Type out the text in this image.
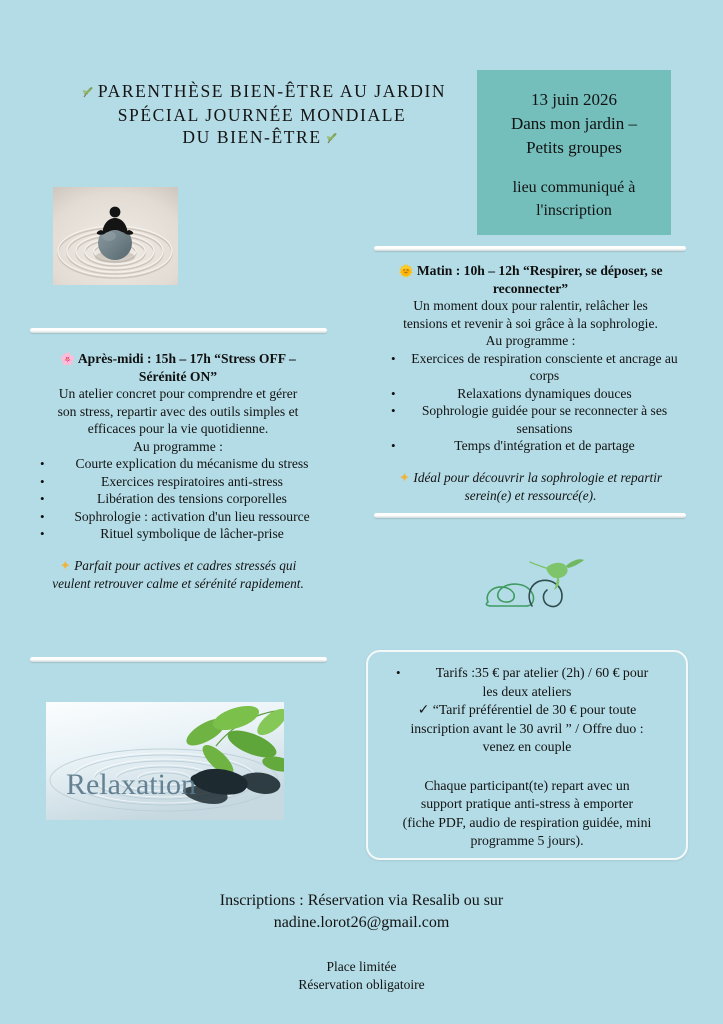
PARENTHÈSE BIEN-ÊTRE AU JARDIN
SPÉCIAL JOURNÉE MONDIALE
DU BIEN-ÊTRE
13 juin 2026
Dans mon jardin –
Petits groupes
lieu communiqué à
l'inscription
🌞 Matin : 10h – 12h “Respirer, se déposer, se
reconnecter”
Un moment doux pour ralentir, relâcher les
tensions et revenir à soi grâce à la sophrologie.
Au programme :
• Exercices de respiration consciente et ancrage au corps
• Relaxations dynamiques douces
• Sophrologie guidée pour se reconnecter à ses sensations
• Temps d'intégration et de partage
✦ Idéal pour découvrir la sophrologie et repartir
serein(e) et ressourcé(e).
🌸 Après-midi : 15h – 17h “Stress OFF –
Sérénité ON”
Un atelier concret pour comprendre et gérer
son stress, repartir avec des outils simples et
efficaces pour la vie quotidienne.
Au programme :
• Courte explication du mécanisme du stress
• Exercices respiratoires anti-stress
• Libération des tensions corporelles
• Sophrologie : activation d'un lieu ressource
• Rituel symbolique de lâcher-prise
✦ Parfait pour actives et cadres stressés qui
veulent retrouver calme et sérénité rapidement.
Relaxation
• Tarifs :35 € par atelier (2h) / 60 € pour
les deux ateliers
✓ “Tarif préférentiel de 30 € pour toute
inscription avant le 30 avril ” / Offre duo :
venez en couple
Chaque participant(te) repart avec un
support pratique anti-stress à emporter
(fiche PDF, audio de respiration guidée, mini
programme 5 jours).
Inscriptions : Réservation via Resalib ou sur
nadine.lorot26@gmail.com
Place limitée
Réservation obligatoire
